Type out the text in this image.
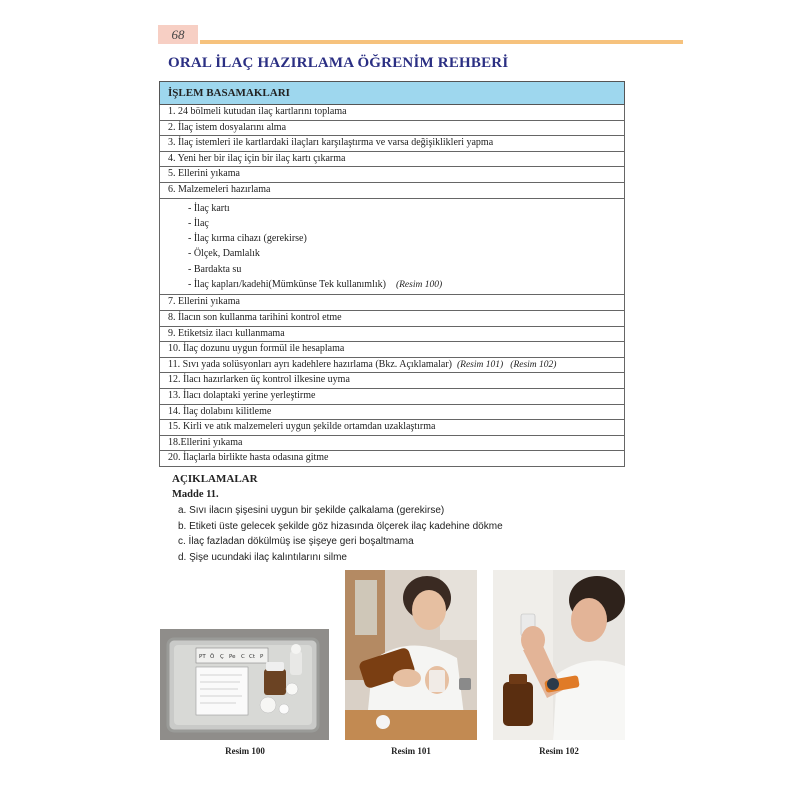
68
ORAL İLAÇ HAZIRLAMA ÖĞRENİM REHBERİ
İŞLEM BASAMAKLARI
1. 24 bölmeli kutudan ilaç kartlarını toplama
2. İlaç istem dosyalarını alma
3. İlaç istemleri ile kartlardaki ilaçları karşılaştırma ve varsa değişiklikleri yapma
4. Yeni her bir ilaç için bir ilaç kartı çıkarma
5. Ellerini yıkama
6. Malzemeleri hazırlama

- İlaç kartı
- İlaç
- İlaç kırma cihazı (gerekirse)
- Ölçek, Damlalık
- Bardakta su
- İlaç kapları/kadehi(Mümkünse Tek kullanımlık) (Resim 100)

7. Ellerini yıkama
8. İlacın son kullanma tarihini kontrol etme
9. Etiketsiz ilacı kullanmama
10. İlaç dozunu uygun formül ile hesaplama
11. Sıvı yada solüsyonları ayrı kadehlere hazırlama (Bkz. Açıklamalar) (Resim 101)   (Resim 102)
12. İlacı hazırlarken üç kontrol ilkesine uyma
13. İlacı dolaptaki yerine yerleştirme
14. İlaç dolabını kilitleme
15. Kirli ve atık malzemeleri uygun şekilde ortamdan uzaklaştırma
18.Ellerini yıkama
20. İlaçlarla birlikte hasta odasına gitme
AÇIKLAMALAR
Madde 11.
a. Sıvı ilacın şişesini uygun bir şekilde çalkalama (gerekirse)
b. Etiketi üste gelecek şekilde göz hizasında ölçerek ilaç kadehine dökme
c. İlaç fazladan dökülmüş ise şişeye geri boşaltmama
d. Şişe ucundaki ilaç kalıntılarını silme
PT Ö Ç Pe C Ct P
Resim 100	Resim 101	Resim 102
